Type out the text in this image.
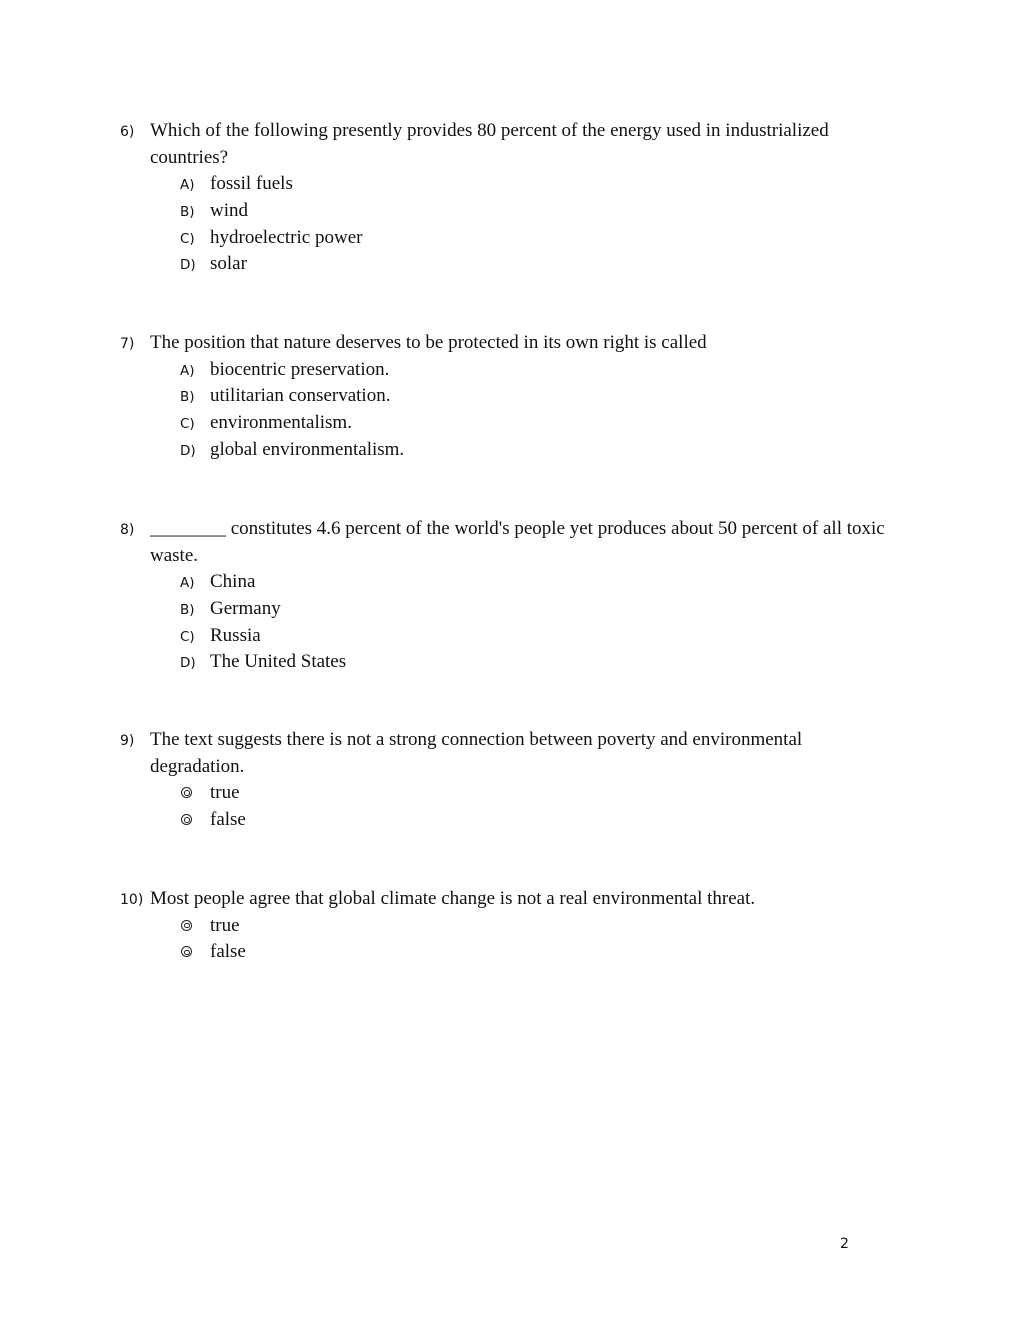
6) Which of the following presently provides 80 percent of the energy used in industrialized countries?
A) fossil fuels
B) wind
C) hydroelectric power
D) solar
7) The position that nature deserves to be protected in its own right is called
A) biocentric preservation.
B) utilitarian conservation.
C) environmentalism.
D) global environmentalism.
8) ________ constitutes 4.6 percent of the world's people yet produces about 50 percent of all toxic waste.
A) China
B) Germany
C) Russia
D) The United States
9) The text suggests there is not a strong connection between poverty and environmental degradation.
true
false
10) Most people agree that global climate change is not a real environmental threat.
true
false
2
